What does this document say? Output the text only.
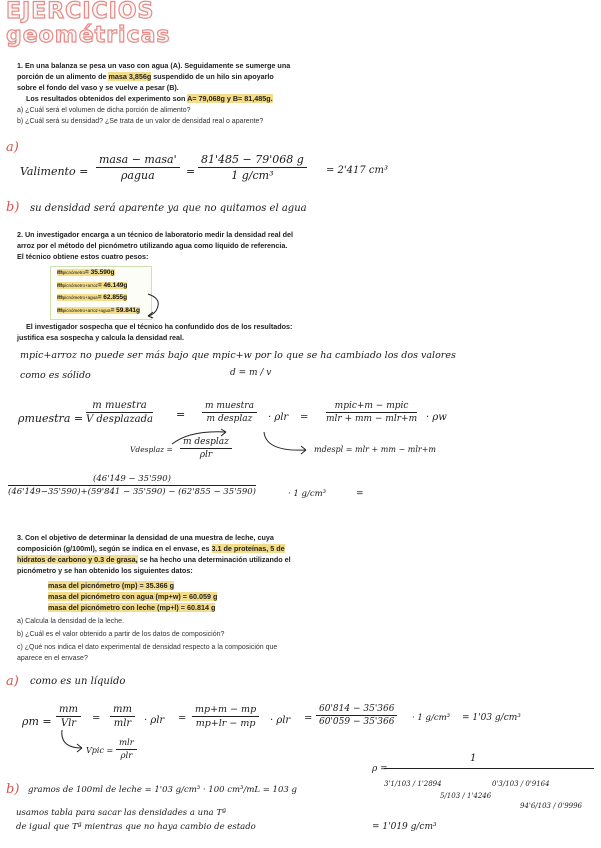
EJERCICIOS
geométricas
1. En una balanza se pesa un vaso con agua (A). Seguidamente se sumerge una
porción de un alimento de masa 3,856g suspendido de un hilo sin apoyarlo
sobre el fondo del vaso y se vuelve a pesar (B).
Los resultados obtenidos del experimento son A= 79,068g y B= 81,485g.
a) ¿Cuál será el volumen de dicha porción de alimento?
b) ¿Cuál será su densidad? ¿Se trata de un valor de densidad real o aparente?
a)
Valimento =
masa − masa'
ρagua	= $\frac{81'485 - 79'068 g}{\text{1 g/cm³}} = 2'417$ cm³
b) su densidad será aparente ya que no quitamos el agua
2. Un investigador encarga a un técnico de laboratorio medir la densidad real del
arroz por el método del picnómetro utilizando agua como líquido de referencia.
El técnico obtiene estos cuatro pesos:
mpicnómetro= 35.590g
mpicnómetro+arroz= 46.149g
mpicnómetro+agua= 62.855g
mpicnómetro+arroz+agua= 59.841g
El investigador sospecha que el técnico ha confundido dos de los resultados:
justifica esa sospecha y calcula la densidad real.
mpic+arroz no puede ser más bajo que mpic+w por lo que se ha cambiado los dos valores
como es sólido	d = m / v
ρmuestra =
m muestra
V desplazada =
m muestra
m desplaz	· ρlr =
mpic+m − mpic
mlr + mm − mlr+m · ρw
Vdesplaz =
m desplaz
ρlr
mdespl = mlr + mm − mlr+m
$\frac{(46'149 - 35'590)}{(46'149-35'590)+(59'841 - 35'590) - (62'855 - 35'590)}$	· 1 g/cm³	=
3. Con el objetivo de determinar la densidad de una muestra de leche, cuya
composición (g/100ml), según se indica en el envase, es 3.1 de proteínas, 5 de
hidratos de carbono y 0.3 de grasa, se ha hecho una determinación utilizando el
picnómetro y se han obtenido los siguientes datos:
masa del picnómetro (mp) = 35.366 g
masa del picnómetro con agua (mp+w) = 60.059 g
masa del picnómetro con leche (mp+l) = 60.814 g
a) Calcula la densidad de la leche.
b) ¿Cuál es el valor obtenido a partir de los datos de composición?
c) ¿Qué nos indica el dato experimental de densidad respecto a la composición que
aparece en el envase?
a) como es un líquido
ρm =
mm
Vlr	=
mm
mlr	· $\rho lr = \frac{mp+m - mp}{mp+lr - mp} \cdot \rho lr = \frac{60'814 - 35'366}{60'059 - 35'366} \cdot 1$ g/cm³ = 1'03 g/cm³
Vpic =
mlr
ρlr
b) gramos de 100ml de leche = 1'03 g/cm³ · 100 cm³/mL = 103 g
usamos tabla para sacar las densidades a una Tª
de igual que Tª mientras que no haya cambio de estado
ρ =
1
3'1/103 / 1'2894
5/103 / 1'4246
0'3/103 / 0'9164
94'6/103 / 0'9996
= 1'019 g/cm³
